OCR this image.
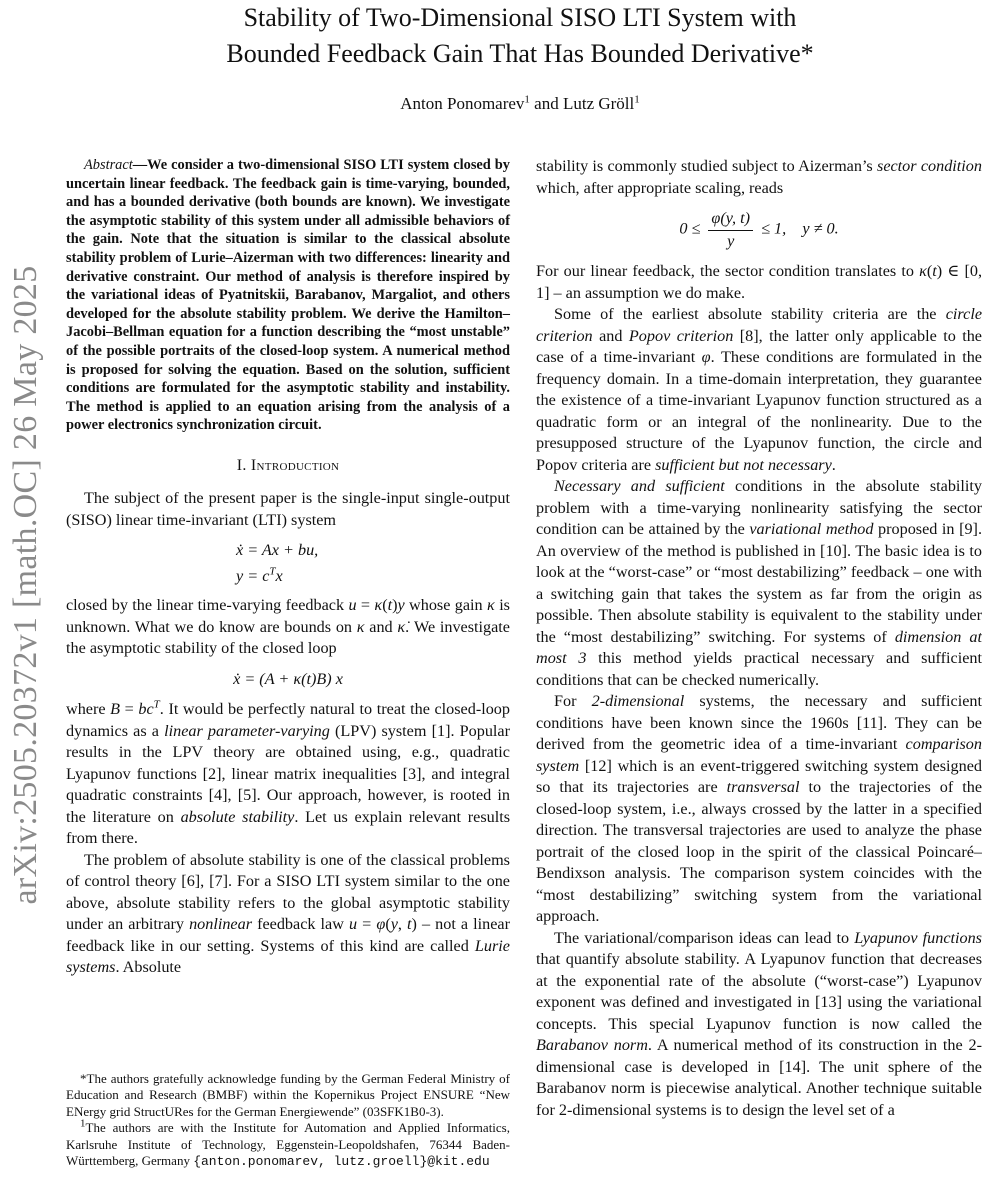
arXiv:2505.20372v1 [math.OC] 26 May 2025
Stability of Two-Dimensional SISO LTI System with
Bounded Feedback Gain That Has Bounded Derivative*
Anton Ponomarev$^1$ and Lutz Gröll$^1$

Abstract—We consider a two-dimensional SISO LTI system closed by uncertain linear feedback. The feedback gain is time-varying, bounded, and has a bounded derivative (both bounds are known). We investigate the asymptotic stability of this system under all admissible behaviors of the gain. Note that the situation is similar to the classical absolute stability problem of Lurie–Aizerman with two differences: linearity and derivative constraint. Our method of analysis is therefore inspired by the variational ideas of Pyatnitskii, Barabanov, Margaliot, and others developed for the absolute stability problem. We derive the Hamilton–Jacobi–Bellman equation for a function describing the “most unstable” of the possible portraits of the closed-loop system. A numerical method is proposed for solving the equation. Based on the solution, sufficient conditions are formulated for the asymptotic stability and instability. The method is applied to an equation arising from the analysis of a power electronics synchronization circuit.

I. Introduction

The subject of the present paper is the single-input single-output (SISO) linear time-invariant (LTI) system

ẋ = Ax + bu,
$y = c^Tx$

closed by the linear time-varying feedback u = κ(t)y whose gain κ is unknown. What we do know are bounds on κ and κ̇. We investigate the asymptotic stability of the closed loop

ẋ = (A + κ(t)B) x

where $B = bc^T$. It would be perfectly natural to treat the closed-loop dynamics as a linear parameter-varying (LPV) system [1]. Popular results in the LPV theory are obtained using, e.g., quadratic Lyapunov functions [2], linear matrix inequalities [3], and integral quadratic constraints [4], [5]. Our approach, however, is rooted in the literature on absolute stability. Let us explain relevant results from there.

The problem of absolute stability is one of the classical problems of control theory [6], [7]. For a SISO LTI system similar to the one above, absolute stability refers to the global asymptotic stability under an arbitrary nonlinear feedback law u = φ(y, t) – not a linear feedback like in our setting. Systems of this kind are called Lurie systems. Absolute

*The authors gratefully acknowledge funding by the German Federal Ministry of Education and Research (BMBF) within the Kopernikus Project ENSURE “New ENergy grid StructURes for the German Energiewende” (03SFK1B0-3).

$^1$The authors are with the Institute for Automation and Applied Informatics, Karlsruhe Institute of Technology, Eggenstein-Leopoldshafen, 76344 Baden-Württemberg, Germany {anton.ponomarev, lutz.groell}@kit.edu

stability is commonly studied subject to Aizerman’s sector condition which, after appropriate scaling, reads

$0 \le \frac{\varphi(y, t)}{y} \le 1$,    y ≠ 0.

For our linear feedback, the sector condition translates to κ(t) ∈ [0, 1] – an assumption we do make.

Some of the earliest absolute stability criteria are the circle criterion and Popov criterion [8], the latter only applicable to the case of a time-invariant φ. These conditions are formulated in the frequency domain. In a time-domain interpretation, they guarantee the existence of a time-invariant Lyapunov function structured as a quadratic form or an integral of the nonlinearity. Due to the presupposed structure of the Lyapunov function, the circle and Popov criteria are sufficient but not necessary.

Necessary and sufficient conditions in the absolute stability problem with a time-varying nonlinearity satisfying the sector condition can be attained by the variational method proposed in [9]. An overview of the method is published in [10]. The basic idea is to look at the “worst-case” or “most destabilizing” feedback – one with a switching gain that takes the system as far from the origin as possible. Then absolute stability is equivalent to the stability under the “most destabilizing” switching. For systems of dimension at most 3 this method yields practical necessary and sufficient conditions that can be checked numerically.

For 2-dimensional systems, the necessary and sufficient conditions have been known since the 1960s [11]. They can be derived from the geometric idea of a time-invariant comparison system [12] which is an event-triggered switching system designed so that its trajectories are transversal to the trajectories of the closed-loop system, i.e., always crossed by the latter in a specified direction. The transversal trajectories are used to analyze the phase portrait of the closed loop in the spirit of the classical Poincaré–Bendixson analysis. The comparison system coincides with the “most destabilizing” switching system from the variational approach.

The variational/comparison ideas can lead to Lyapunov functions that quantify absolute stability. A Lyapunov function that decreases at the exponential rate of the absolute (“worst-case”) Lyapunov exponent was defined and investigated in [13] using the variational concepts. This special Lyapunov function is now called the Barabanov norm. A numerical method of its construction in the 2-dimensional case is developed in [14]. The unit sphere of the Barabanov norm is piecewise analytical. Another technique suitable for 2-dimensional systems is to design the level set of a
